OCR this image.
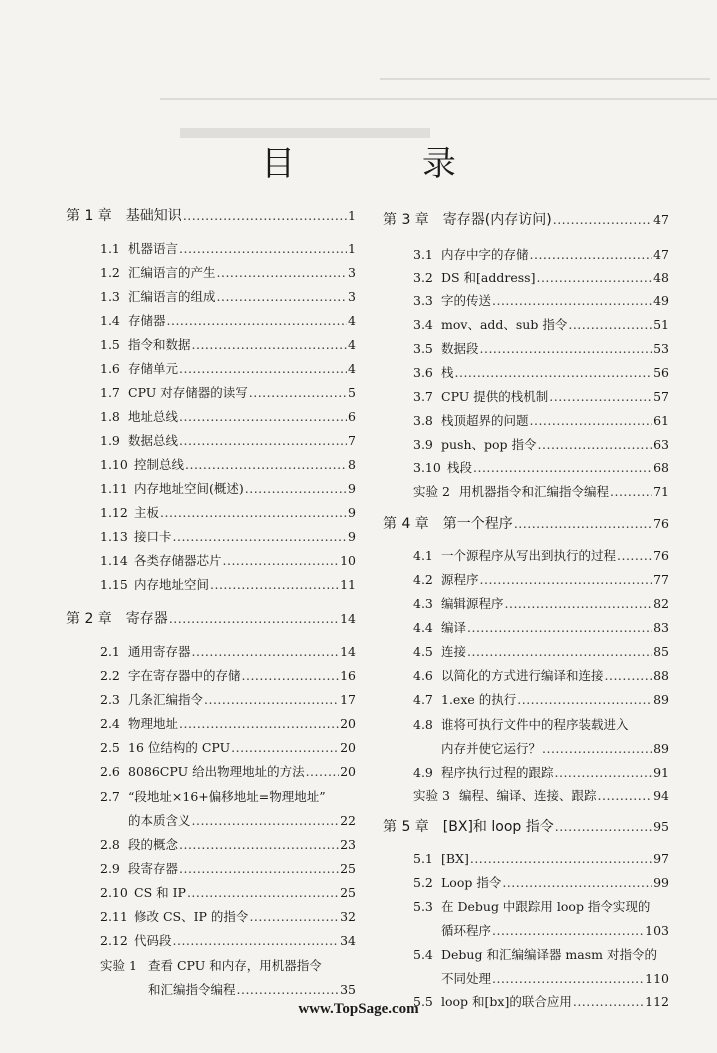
目 录
第 1 章　基础知识 .....	1
1.1 机器语言 .....	1
1.2 汇编语言的产生 .....	3
1.3 汇编语言的组成 .....	3
1.4 存储器 .....	4
1.5 指令和数据 .....	4
1.6 存储单元 .....	4
1.7 CPU 对存储器的读写 .....	5
1.8 地址总线 .....	6
1.9 数据总线 .....	7
1.10 控制总线 .....	8
1.11 内存地址空间(概述) .....	9
1.12 主板 .....	9
1.13 接口卡 .....	9
1.14 各类存储器芯片 .....	10
1.15 内存地址空间 .....	11
第 2 章　寄存器 .....	14
2.1 通用寄存器 .....	14
2.2 字在寄存器中的存储 .....	16
2.3 几条汇编指令 .....	17
2.4 物理地址 .....	20
2.5 16 位结构的 CPU .....	20
2.6 8086CPU 给出物理地址的方法 .....	20
2.7 “段地址×16+偏移地址=物理地址”
的本质含义 .....	22
2.8 段的概念 .....	23
2.9 段寄存器 .....	25
2.10 CS 和 IP .....	25
2.11 修改 CS、IP 的指令 .....	32
2.12 代码段 .....	34
实验 1 查看 CPU 和内存，用机器指令
和汇编指令编程 .....	35
第 3 章　寄存器(内存访问) .....	47
3.1 内存中字的存储 .....	47
3.2 DS 和[address] .....	48
3.3 字的传送 .....	49
3.4 mov、add、sub 指令 .....	51
3.5 数据段 .....	53
3.6 栈 .....	56
3.7 CPU 提供的栈机制 .....	57
3.8 栈顶超界的问题 .....	61
3.9 push、pop 指令 .....	63
3.10 栈段 .....	68
实验 2 用机器指令和汇编指令编程 .....	71
第 4 章　第一个程序 .....	76
4.1 一个源程序从写出到执行的过程 .....	76
4.2 源程序 .....	77
4.3 编辑源程序 .....	82
4.4 编译 .....	83
4.5 连接 .....	85
4.6 以简化的方式进行编译和连接 .....	88
4.7 1.exe 的执行 .....	89
4.8 谁将可执行文件中的程序装载进入
内存并使它运行？ .....	89
4.9 程序执行过程的跟踪 .....	91
实验 3 编程、编译、连接、跟踪 .....	94
第 5 章　[BX]和 loop 指令 .....	95
5.1 [BX] .....	97
5.2 Loop 指令 .....	99
5.3 在 Debug 中跟踪用 loop 指令实现的
循环程序 .....	103
5.4 Debug 和汇编编译器 masm 对指令的
不同处理 .....	110
5.5 loop 和[bx]的联合应用 .....	112
www.TopSage.com
